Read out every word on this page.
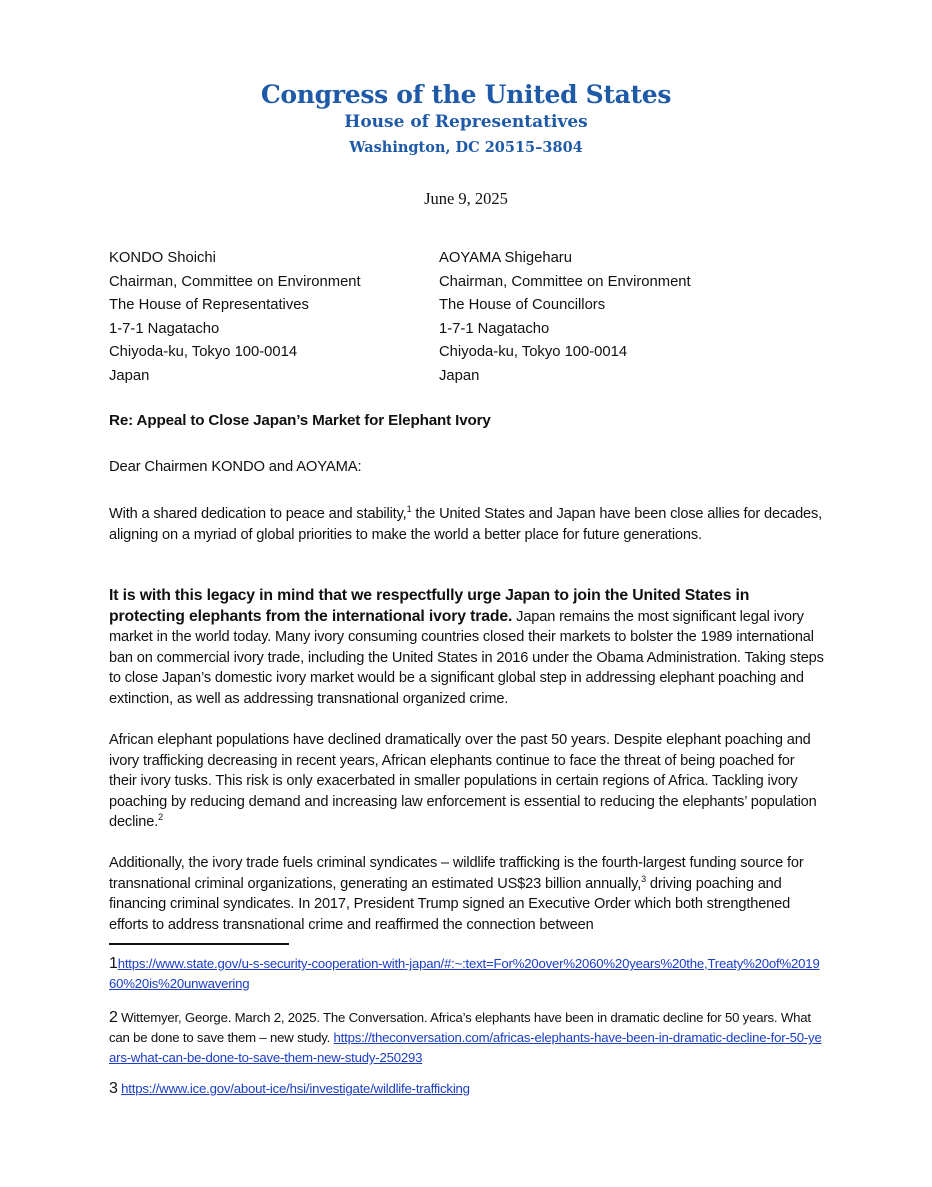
Congress of the United States
House of Representatives
Washington, DC 20515–3804
June 9, 2025
KONDO Shoichi
Chairman, Committee on Environment
The House of Representatives
1-7-1 Nagatacho
Chiyoda-ku, Tokyo 100-0014
Japan
AOYAMA Shigeharu
Chairman, Committee on Environment
The House of Councillors
1-7-1 Nagatacho
Chiyoda-ku, Tokyo 100-0014
Japan
Re: Appeal to Close Japan’s Market for Elephant Ivory
Dear Chairmen KONDO and AOYAMA:
With a shared dedication to peace and stability,$^1$ the United States and Japan have been close allies for decades, aligning on a myriad of global priorities to make the world a better place for future generations.
It is with this legacy in mind that we respectfully urge Japan to join the United States in protecting elephants from the international ivory trade. Japan remains the most significant legal ivory market in the world today. Many ivory consuming countries closed their markets to bolster the 1989 international ban on commercial ivory trade, including the United States in 2016 under the Obama Administration. Taking steps to close Japan’s domestic ivory market would be a significant global step in addressing elephant poaching and extinction, as well as addressing transnational organized crime.
African elephant populations have declined dramatically over the past 50 years. Despite elephant poaching and ivory trafficking decreasing in recent years, African elephants continue to face the threat of being poached for their ivory tusks. This risk is only exacerbated in smaller populations in certain regions of Africa. Tackling ivory poaching by reducing demand and increasing law enforcement is essential to reducing the elephants’ population decline.$^2$
Additionally, the ivory trade fuels criminal syndicates – wildlife trafficking is the fourth-largest funding source for transnational criminal organizations, generating an estimated US$23 billion annually,$^3$ driving poaching and financing criminal syndicates. In 2017, President Trump signed an Executive Order which both strengthened efforts to address transnational crime and reaffirmed the connection between
1https://www.state.gov/u-s-security-cooperation-with-japan/#:~:text=For%20over%2060%20years%20the,Treaty%20of%201960%20is%20unwavering
2 Wittemyer, George. March 2, 2025. The Conversation. Africa’s elephants have been in dramatic decline for 50 years. What can be done to save them – new study. https://theconversation.com/africas-elephants-have-been-in-dramatic-decline-for-50-years-what-can-be-done-to-save-them-new-study-250293
3 https://www.ice.gov/about-ice/hsi/investigate/wildlife-trafficking
